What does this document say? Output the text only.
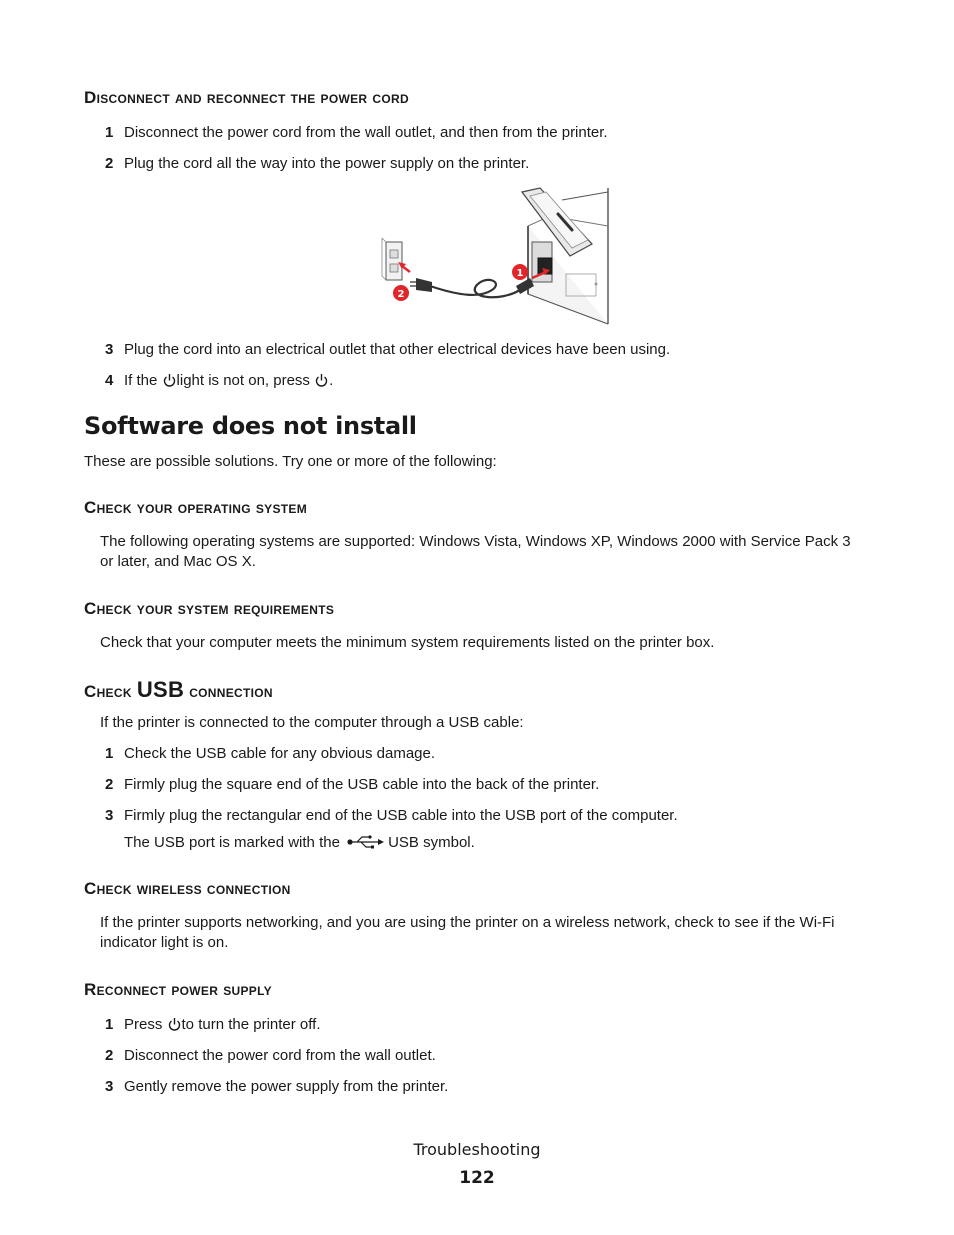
Disconnect and reconnect the power cord
1 Disconnect the power cord from the wall outlet, and then from the printer.
2 Plug the cord all the way into the power supply on the printer.
1
2
3 Plug the cord into an electrical outlet that other electrical devices have been using.
4 If the light is not on, press .
Software does not install
These are possible solutions. Try one or more of the following:
Check your operating system
The following operating systems are supported: Windows Vista, Windows XP, Windows 2000 with Service Pack 3
or later, and Mac OS X.
Check your system requirements
Check that your computer meets the minimum system requirements listed on the printer box.
Check USB connection
If the printer is connected to the computer through a USB cable:
1 Check the USB cable for any obvious damage.
2 Firmly plug the square end of the USB cable into the back of the printer.
3 Firmly plug the rectangular end of the USB cable into the USB port of the computer.
The USB port is marked with the	USB symbol.
Check wireless connection
If the printer supports networking, and you are using the printer on a wireless network, check to see if the Wi-Fi
indicator light is on.
Reconnect power supply
1 Press to turn the printer off.
2 Disconnect the power cord from the wall outlet.
3 Gently remove the power supply from the printer.
Troubleshooting
122
